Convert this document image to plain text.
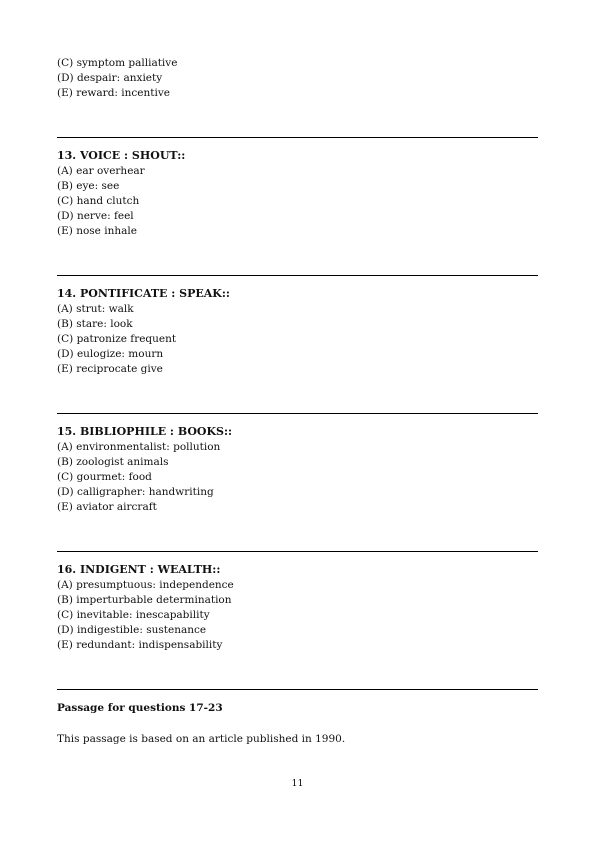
(C) symptom palliative
(D) despair: anxiety
(E) reward: incentive
13. VOICE : SHOUT::
(A) ear overhear
(B) eye: see
(C) hand clutch
(D) nerve: feel
(E) nose inhale
14. PONTIFICATE : SPEAK::
(A) strut: walk
(B) stare: look
(C) patronize frequent
(D) eulogize: mourn
(E) reciprocate give
15. BIBLIOPHILE : BOOKS::
(A) environmentalist: pollution
(B) zoologist animals
(C) gourmet: food
(D) calligrapher: handwriting
(E) aviator aircraft
16. INDIGENT : WEALTH::
(A) presumptuous: independence
(B) imperturbable determination
(C) inevitable: inescapability
(D) indigestible: sustenance
(E) redundant: indispensability
Passage for questions 17-23
This passage is based on an article published in 1990.
11
